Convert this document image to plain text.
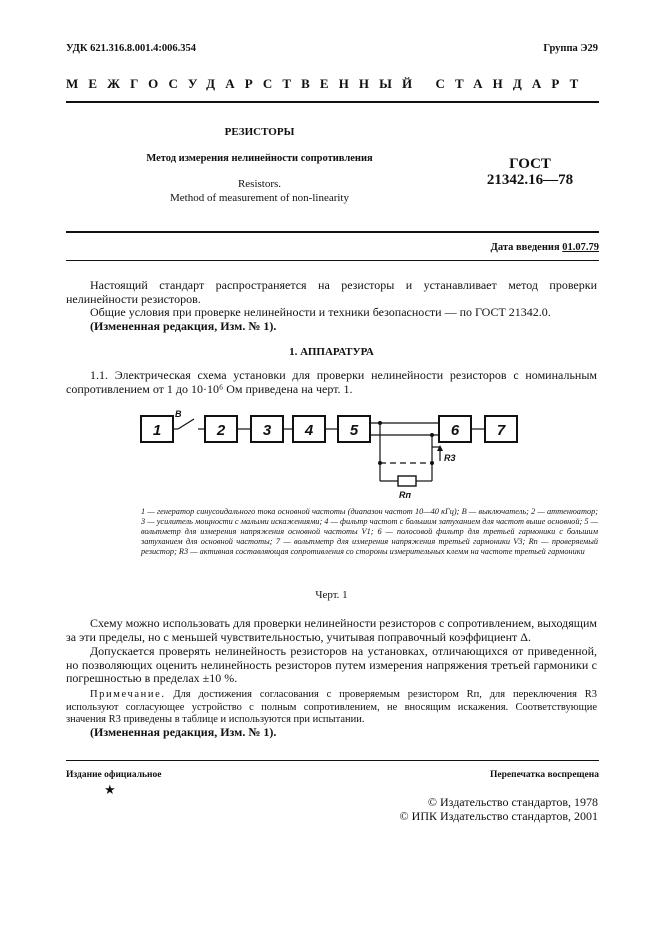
УДК 621.316.8.001.4:006.354	Группа Э29
МЕЖГОСУДАРСТВЕННЫЙ СТАНДАРТ
РЕЗИСТОРЫ
Метод измерения нелинейности сопротивления
Resistors.
Method of measurement of non-linearity
ГОСТ
21342.16—78
Дата введения 01.07.79
Настоящий стандарт распространяется на резисторы и устанавливает метод проверки нелинейности резисторов.
Общие условия при проверке нелинейности и техники безопасности — по ГОСТ 21342.0.
(Измененная редакция, Изм. № 1).
1. АППАРАТУРА
1.1. Электрическая схема установки для проверки нелинейности резисторов с номинальным сопротивлением от 1 до 10·10⁶ Ом приведена на черт. 1.
1	2	3 4 5	6	7
В
R3
Rп
1 — генератор синусоидального тока основной частоты (диапазон частот 10—40 кГц); В — выключатель; 2 — аттенюатор; 3 — усилитель мощности с малыми искажениями; 4 — фильтр частот с большим затуханием для частот выше основной; 5 — вольтметр для измерения напряжения основной частоты V1; 6 — полосовой фильтр для третьей гармоники с большим затуханием для основной частоты; 7 — вольтметр для измерения напряжения третьей гармоники V3; Rп — проверяемый резистор; R3 — активная составляющая сопротивления со стороны измерительных клемм на частоте третьей гармоники
Черт. 1
Схему можно использовать для проверки нелинейности резисторов с сопротивлением, выходящим за эти пределы, но с меньшей чувствительностью, учитывая поправочный коэффициент Δ.
Допускается проверять нелинейность резисторов на установках, отличающихся от приведенной, но позволяющих оценить нелинейность резисторов путем измерения напряжения третьей гармоники с погрешностью в пределах ±10 %.
Примечание. Для достижения согласования с проверяемым резистором Rп, для переключения R3 используют согласующее устройство с полным сопротивлением, не вносящим искажения. Соответствующие значения R3 приведены в таблице и используются при испытании.
(Измененная редакция, Изм. № 1).
Издание официальное	Перепечатка воспрещена
★
© Издательство стандартов, 1978
© ИПК Издательство стандартов, 2001
